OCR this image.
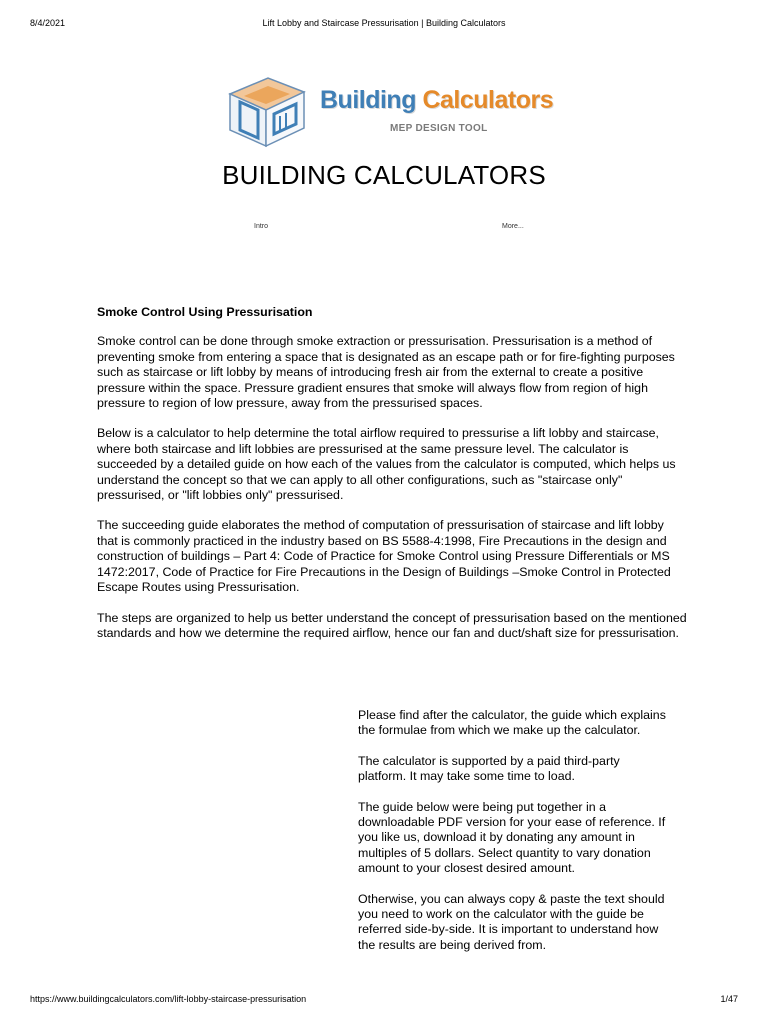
8/4/2021	Lift Lobby and Staircase Pressurisation | Building Calculators
Building Calculators
MEP DESIGN TOOL
BUILDING CALCULATORS
Intro	More...
Smoke Control Using Pressurisation

Smoke control can be done through smoke extraction or pressurisation. Pressurisation is a method of preventing smoke from entering a space that is designated as an escape path or for fire-fighting purposes such as staircase or lift lobby by means of introducing fresh air from the external to create a positive pressure within the space. Pressure gradient ensures that smoke will always flow from region of high pressure to region of low pressure, away from the pressurised spaces.

Below is a calculator to help determine the total airflow required to pressurise a lift lobby and staircase, where both staircase and lift lobbies are pressurised at the same pressure level. The calculator is succeeded by a detailed guide on how each of the values from the calculator is computed, which helps us understand the concept so that we can apply to all other configurations, such as "staircase only" pressurised, or "lift lobbies only" pressurised.

The succeeding guide elaborates the method of computation of pressurisation of staircase and lift lobby that is commonly practiced in the industry based on BS 5588-4:1998, Fire Precautions in the design and construction of buildings – Part 4: Code of Practice for Smoke Control using Pressure Differentials or MS 1472:2017, Code of Practice for Fire Precautions in the Design of Buildings –Smoke Control in Protected Escape Routes using Pressurisation.

The steps are organized to help us better understand the concept of pressurisation based on the mentioned standards and how we determine the required airflow, hence our fan and duct/shaft size for pressurisation.

Please find after the calculator, the guide which explains the formulae from which we make up the calculator.

The calculator is supported by a paid third-party platform. It may take some time to load.

The guide below were being put together in a downloadable PDF version for your ease of reference. If you like us, download it by donating any amount in multiples of 5 dollars. Select quantity to vary donation amount to your closest desired amount.

Otherwise, you can always copy & paste the text should you need to work on the calculator with the guide be referred side-by-side. It is important to understand how the results are being derived from.

https://www.buildingcalculators.com/lift-lobby-staircase-pressurisation	1/47
